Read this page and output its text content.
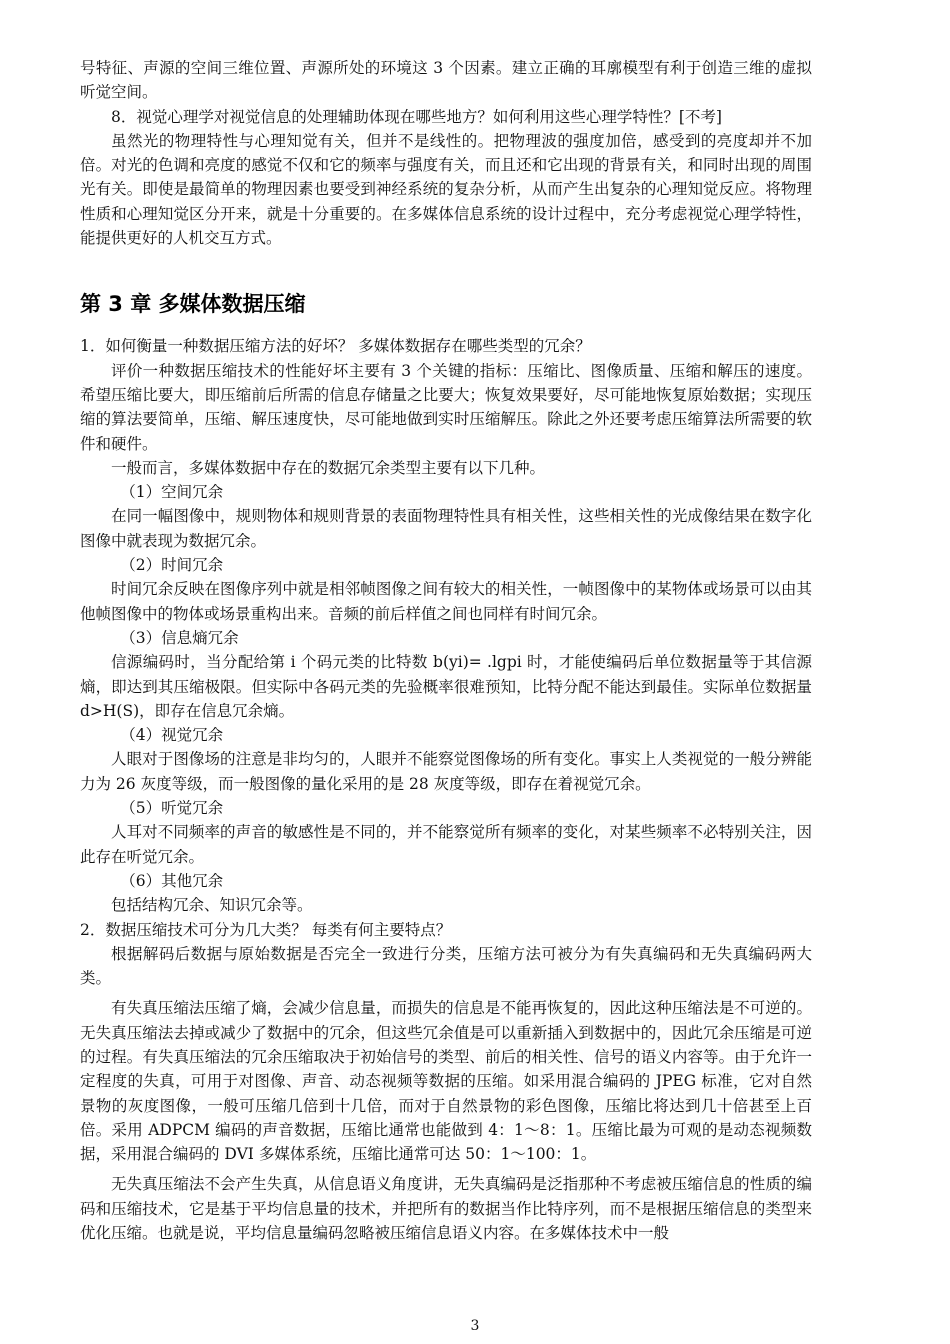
号特征、声源的空间三维位置、声源所处的环境这 3 个因素。建立正确的耳廓模型有利于创造三维的虚拟听觉空间。

8．视觉心理学对视觉信息的处理辅助体现在哪些地方？如何利用这些心理学特性？[不考]

虽然光的物理特性与心理知觉有关，但并不是线性的。把物理波的强度加倍，感受到的亮度却并不加倍。对光的色调和亮度的感觉不仅和它的频率与强度有关，而且还和它出现的背景有关，和同时出现的周围光有关。即使是最简单的物理因素也要受到神经系统的复杂分析，从而产生出复杂的心理知觉反应。将物理性质和心理知觉区分开来，就是十分重要的。在多媒体信息系统的设计过程中，充分考虑视觉心理学特性，能提供更好的人机交互方式。

第 3 章 多媒体数据压缩

1．如何衡量一种数据压缩方法的好坏？ 多媒体数据存在哪些类型的冗余？

评价一种数据压缩技术的性能好坏主要有 3 个关键的指标：压缩比、图像质量、压缩和解压的速度。希望压缩比要大，即压缩前后所需的信息存储量之比要大；恢复效果要好，尽可能地恢复原始数据；实现压缩的算法要简单，压缩、解压速度快，尽可能地做到实时压缩解压。除此之外还要考虑压缩算法所需要的软件和硬件。

一般而言，多媒体数据中存在的数据冗余类型主要有以下几种。

（1）空间冗余

在同一幅图像中，规则物体和规则背景的表面物理特性具有相关性，这些相关性的光成像结果在数字化图像中就表现为数据冗余。

（2）时间冗余

时间冗余反映在图像序列中就是相邻帧图像之间有较大的相关性，一帧图像中的某物体或场景可以由其他帧图像中的物体或场景重构出来。音频的前后样值之间也同样有时间冗余。

（3）信息熵冗余

信源编码时，当分配给第 i 个码元类的比特数 b(yi)= .lgpi 时，才能使编码后单位数据量等于其信源熵，即达到其压缩极限。但实际中各码元类的先验概率很难预知，比特分配不能达到最佳。实际单位数据量 d>H(S)，即存在信息冗余熵。

（4）视觉冗余

人眼对于图像场的注意是非均匀的，人眼并不能察觉图像场的所有变化。事实上人类视觉的一般分辨能力为 26 灰度等级，而一般图像的量化采用的是 28 灰度等级，即存在着视觉冗余。

（5）听觉冗余

人耳对不同频率的声音的敏感性是不同的，并不能察觉所有频率的变化，对某些频率不必特别关注，因此存在听觉冗余。

（6）其他冗余

包括结构冗余、知识冗余等。

2．数据压缩技术可分为几大类？ 每类有何主要特点？

根据解码后数据与原始数据是否完全一致进行分类，压缩方法可被分为有失真编码和无失真编码两大类。

有失真压缩法压缩了熵，会减少信息量，而损失的信息是不能再恢复的，因此这种压缩法是不可逆的。无失真压缩法去掉或减少了数据中的冗余，但这些冗余值是可以重新插入到数据中的，因此冗余压缩是可逆的过程。有失真压缩法的冗余压缩取决于初始信号的类型、前后的相关性、信号的语义内容等。由于允许一定程度的失真，可用于对图像、声音、动态视频等数据的压缩。如采用混合编码的 JPEG 标准，它对自然景物的灰度图像，一般可压缩几倍到十几倍，而对于自然景物的彩色图像，压缩比将达到几十倍甚至上百倍。采用 ADPCM 编码的声音数据，压缩比通常也能做到 4：1～8：1。压缩比最为可观的是动态视频数据，采用混合编码的 DVI 多媒体系统，压缩比通常可达 50：1～100：1。

无失真压缩法不会产生失真，从信息语义角度讲，无失真编码是泛指那种不考虑被压缩信息的性质的编码和压缩技术，它是基于平均信息量的技术，并把所有的数据当作比特序列，而不是根据压缩信息的类型来优化压缩。也就是说，平均信息量编码忽略被压缩信息语义内容。在多媒体技术中一般

3
